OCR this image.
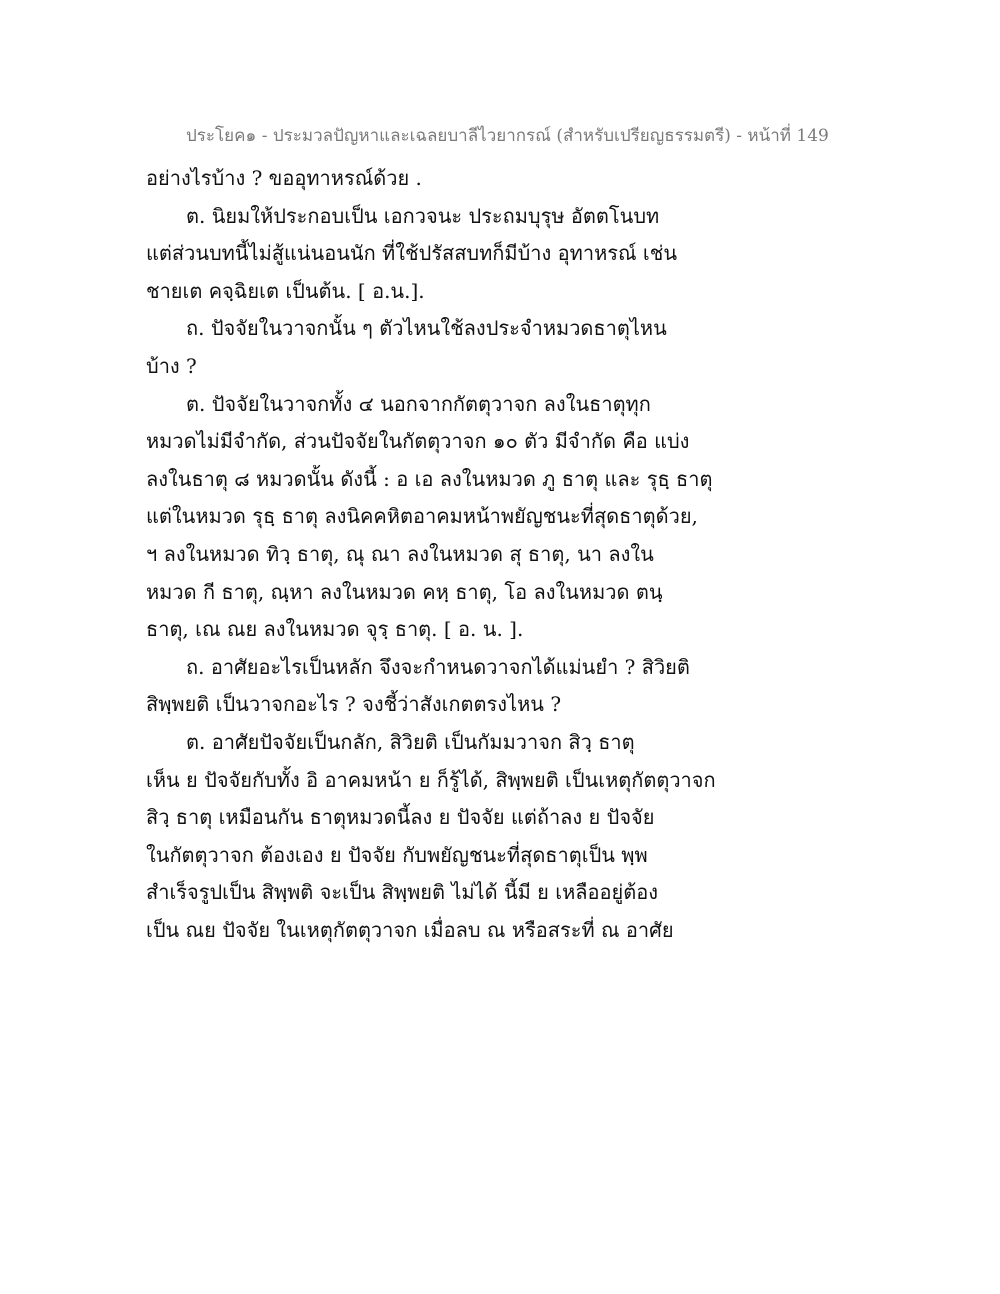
ประโยค๑ - ประมวลปัญหาและเฉลยบาลีไวยากรณ์ (สำหรับเปรียญธรรมตรี) - หน้าที่ 149
อย่างไรบ้าง ? ขออุทาหรณ์ด้วย .
ต. นิยมให้ประกอบเป็น เอกวจนะ ประถมบุรุษ อัตตโนบท
แต่ส่วนบทนี้ไม่สู้แน่นอนนัก ที่ใช้ปรัสสบทก็มีบ้าง อุทาหรณ์ เช่น
ชายเต คจฺฉิยเต เป็นต้น. [ อ.น.].
ถ. ปัจจัยในวาจกนั้น ๆ ตัวไหนใช้ลงประจำหมวดธาตุไหน
บ้าง ?
ต. ปัจจัยในวาจกทั้ง ๔ นอกจากกัตตุวาจก ลงในธาตุทุก
หมวดไม่มีจำกัด, ส่วนปัจจัยในกัตตุวาจก ๑๐ ตัว มีจำกัด คือ แบ่ง
ลงในธาตุ ๘ หมวดนั้น ดังนี้ : อ เอ ลงในหมวด ภู ธาตุ และ รุธฺ ธาตุ
แต่ในหมวด รุธฺ ธาตุ ลงนิคคหิตอาคมหน้าพยัญชนะที่สุดธาตุด้วย,
ฯ ลงในหมวด ทิวฺ ธาตุ, ณุ ณา ลงในหมวด สุ ธาตุ, นา ลงใน
หมวด กี ธาตุ, ณฺหา ลงในหมวด คหฺ ธาตุ, โอ ลงในหมวด ตนฺ
ธาตุ, เณ ณย ลงในหมวด จุรฺ ธาตุ. [ อ. น. ].
ถ. อาศัยอะไรเป็นหลัก จึงจะกำหนดวาจกได้แม่นยำ ? สิวิยติ
สิพฺพยติ เป็นวาจกอะไร ? จงชี้ว่าสังเกตตรงไหน ?
ต. อาศัยปัจจัยเป็นกลัก, สิวิยติ เป็นกัมมวาจก สิวฺ ธาตุ
เห็น ย ปัจจัยกับทั้ง อิ อาคมหน้า ย ก็รู้ได้, สิพฺพยติ เป็นเหตุกัตตุวาจก
สิวฺ ธาตุ เหมือนกัน ธาตุหมวดนี้ลง ย ปัจจัย แต่ถ้าลง ย ปัจจัย
ในกัตตุวาจก ต้องเอง ย ปัจจัย กับพยัญชนะที่สุดธาตุเป็น พฺพ
สำเร็จรูปเป็น สิพฺพติ จะเป็น สิพฺพยติ ไม่ได้ นี้มี ย เหลืออยู่ต้อง
เป็น ณย ปัจจัย ในเหตุกัตตุวาจก เมื่อลบ ณ หรือสระที่ ณ อาศัย
